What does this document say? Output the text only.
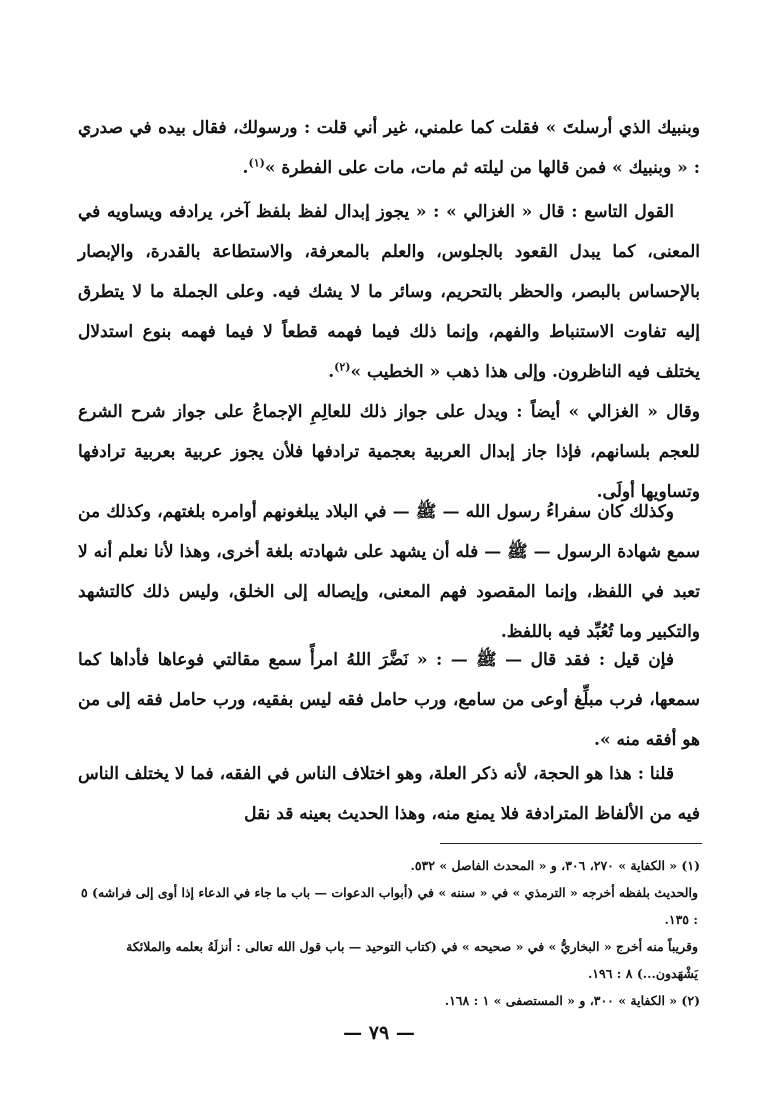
وبنبيك الذي أرسلتَ » فقلت كما علمني، غير أني قلت : ورسولك، فقال بيده في صدري : « وبنبيك » فمن قالها من ليلته ثم مات، مات على الفطرة »$^{(١)}$.

القول التاسع : قال « الغزالي » : « يجوز إبدال لفظ بلفظ آخر، يرادفه ويساويه في المعنى، كما يبدل القعود بالجلوس، والعلم بالمعرفة، والاستطاعة بالقدرة، والإبصار بالإحساس بالبصر، والحظر بالتحريم، وسائر ما لا يشك فيه. وعلى الجملة ما لا يتطرق إليه تفاوت الاستنباط والفهم، وإنما ذلك فيما فهمه قطعاً لا فيما فهمه بنوع استدلال يختلف فيه الناظرون. وإلى هذا ذهب « الخطيب »$^{(٢)}$.

وقال « الغزالي » أيضاً : ويدل على جواز ذلك للعالِمِ الإجماعُ على جواز شرح الشرع للعجم بلسانهم، فإذا جاز إبدال العربية بعجمية ترادفها فلأن يجوز عربية بعربية ترادفها وتساويها أولَى.

وكذلك كان سفراءُ رسول الله — ﷺ — في البلاد يبلغونهم أوامره بلغتهم، وكذلك من سمع شهادة الرسول — ﷺ — فله أن يشهد على شهادته بلغة أخرى، وهذا لأنا نعلم أنه لا تعبد في اللفظ، وإنما المقصود فهم المعنى، وإيصاله إلى الخلق، وليس ذلك كالتشهد والتكبير وما تُعُبِّد فيه باللفظ.

فإن قيل : فقد قال — ﷺ — : « نَضَّرَ اللهُ امرأً سمع مقالتي فوعاها فأداها كما سمعها، فرب مبلِّغ أوعى من سامع، ورب حامل فقه ليس بفقيه، ورب حامل فقه إلى من هو أفقه منه ».

قلنا : هذا هو الحجة، لأنه ذكر العلة، وهو اختلاف الناس في الفقه، فما لا يختلف الناس فيه من الألفاظ المترادفة فلا يمنع منه، وهذا الحديث بعينه قد نقل

(١) « الكفاية » ٢٧٠، ٣٠٦، و « المحدث الفاصل » ٥٣٢.

والحديث بلفظه أخرجه « الترمذي » في « سننه » في (أبواب الدعوات — باب ما جاء في الدعاء إذا أوى إلى فراشه) ٥ : ١٣٥.

وقريباً منه أخرج « البخاريُّ » في « صحيحه » في (كتاب التوحيد — باب قول الله تعالى : أنزلَهُ بعلمه والملائكة يَشْهَدون...) ٨ : ١٩٦.

(٢) « الكفاية » ٣٠٠، و « المستصفى » ١ : ١٦٨.

— ٧٩ —
